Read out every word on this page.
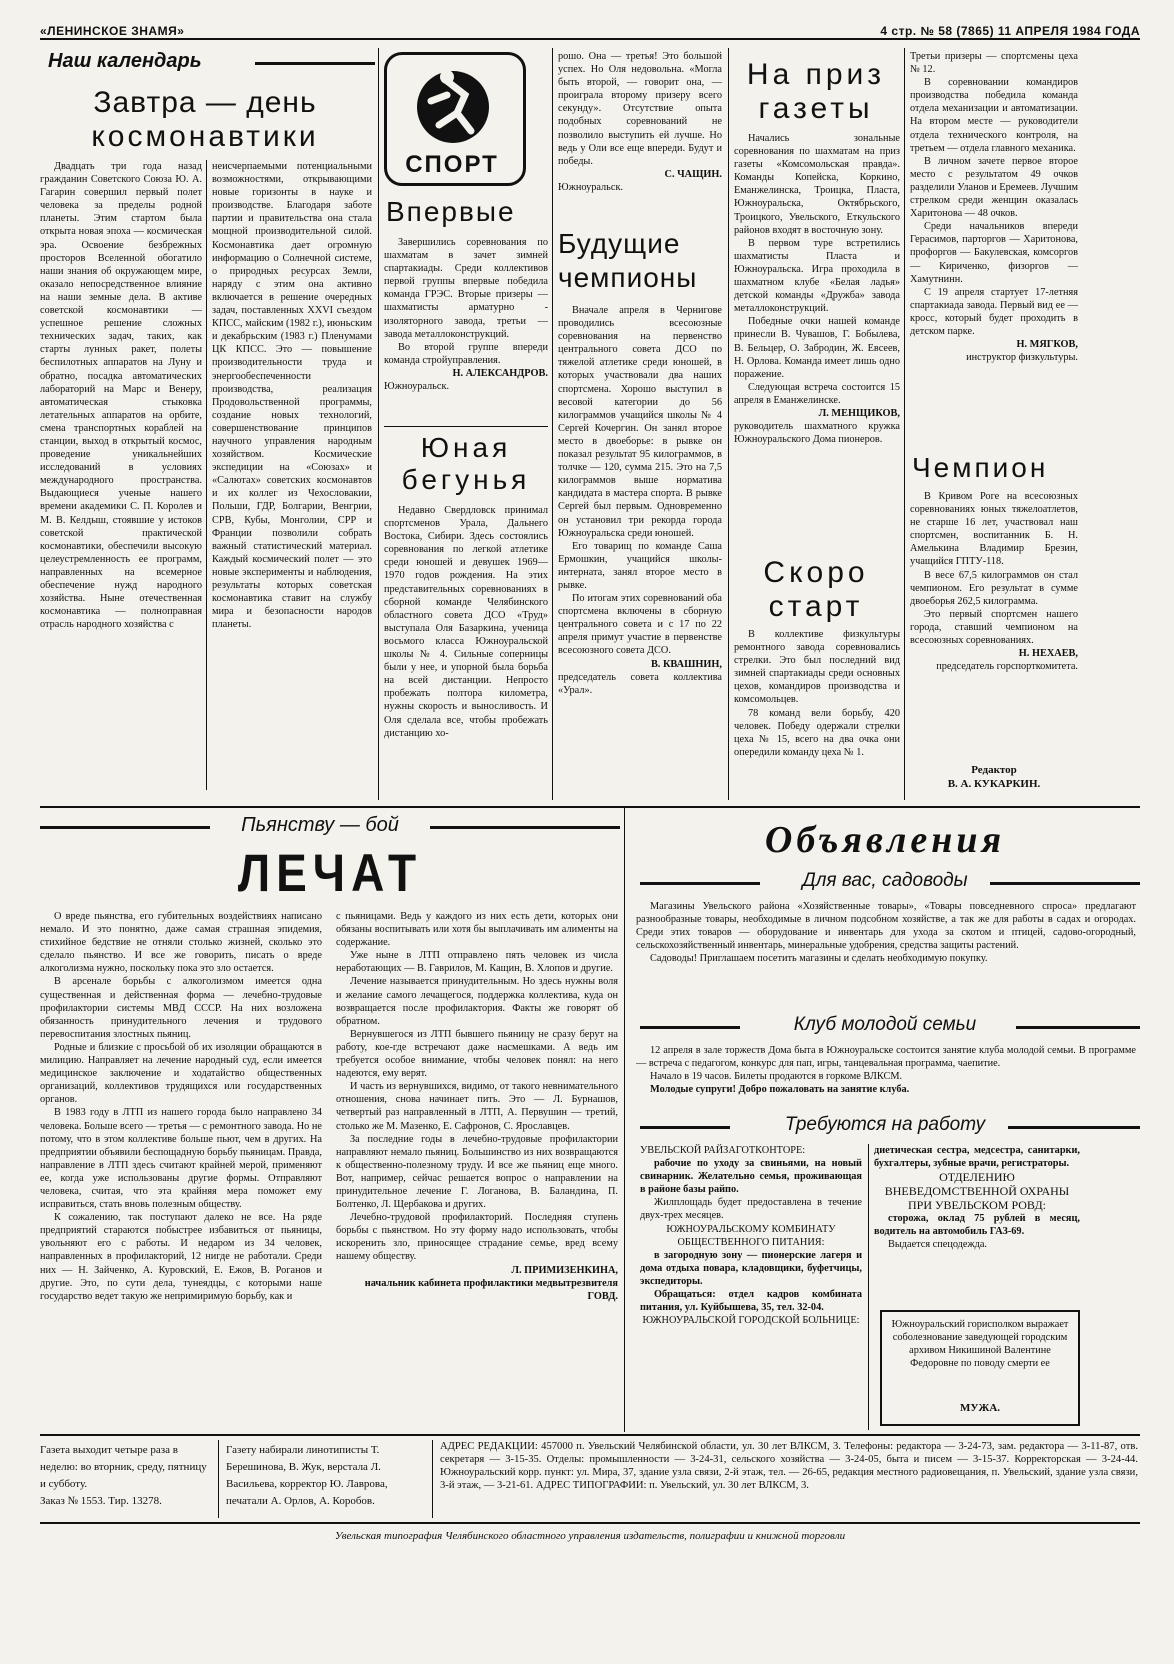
«ЛЕНИНСКОЕ ЗНАМЯ»	4 стр. № 58 (7865) 11 АПРЕЛЯ 1984 ГОДА
Наш календарь
Завтра — день
космонавтики

Двадцать три года назад гражданин Советского Союза Ю. А. Гагарин совершил первый полет человека за пределы родной планеты. Этим стартом была открыта новая эпоха — космическая эра. Освоение безбрежных просторов Вселенной обогатило наши знания об окружающем мире, оказало непосредственное влияние на наши земные дела. В активе советской космонавтики — успешное решение сложных технических задач, таких, как старты лунных ракет, полеты беспилотных аппаратов на Луну и обратно, посадка автоматических лабораторий на Марс и Венеру, автоматическая стыковка летательных аппаратов на орбите, смена транспортных кораблей на станции, выход в открытый космос, проведение уникальнейших исследований в условиях международного пространства. Выдающиеся ученые нашего времени академики С. П. Королев и М. В. Келдыш, стоявшие у истоков советской практической космонавтики, обеспечили высокую целеустремленность ее программ, направленных на всемерное обеспечение нужд народного хозяйства. Ныне отечественная космонавтика — полноправная отрасль народного хозяйства с

неисчерпаемыми потенциальными возможностями, открывающими новые горизонты в науке и производстве. Благодаря заботе партии и правительства она стала мощной производительной силой. Космонавтика дает огромную информацию о Солнечной системе, о природных ресурсах Земли, наряду с этим она активно включается в решение очередных задач, поставленных XXVI съездом КПСС, майским (1982 г.), июньским и декабрьским (1983 г.) Пленумами ЦК КПСС. Это — повышение производительности труда и энергообеспеченности производства, реализация Продовольственной программы, создание новых технологий, совершенствование принципов научного управления народным хозяйством. Космические экспедиции на «Союзах» и «Салютах» советских космонавтов и их коллег из Чехословакии, Польши, ГДР, Болгарии, Венгрии, СРВ, Кубы, Монголии, СРР и Франции позволили собрать важный статистический материал. Каждый космический полет — это новые эксперименты и наблюдения, результаты которых советская космонавтика ставит на службу мира и безопасности народов планеты.

СПОРТ
Впервые

Завершились соревнования по шахматам в зачет зимней спартакиады. Среди коллективов первой группы впервые победила команда ГРЭС. Вторые призеры — шахматисты арматурно - изоляторного завода, третьи — завода металлоконструкций.

Во второй группе впереди команда стройуправления.

Н. АЛЕКСАНДРОВ.

Южноуральск.

Юная
бегунья

Недавно Свердловск принимал спортсменов Урала, Дальнего Востока, Сибири. Здесь состоялись соревнования по легкой атлетике среди юношей и девушек 1969—1970 годов рождения. На этих представительных соревнованиях в сборной команде Челябинского областного совета ДСО «Труд» выступала Оля Базаркина, ученица восьмого класса Южноуральской школы № 4. Сильные соперницы были у нее, и упорной была борьба на всей дистанции. Непросто пробежать полтора километра, нужны скорость и выносливость. И Оля сделала все, чтобы пробежать дистанцию хо-

рошо. Она — третья! Это большой успех. Но Оля недовольна. «Могла быть второй, — говорит она, — проиграла второму призеру всего секунду». Отсутствие опыта подобных соревнований не позволило выступить ей лучше. Но ведь у Оли все еще впереди. Будут и победы.

С. ЧАЩИН.

Южноуральск.

Будущие
чемпионы

Вначале апреля в Чернигове проводились всесоюзные соревнования на первенство центрального совета ДСО по тяжелой атлетике среди юношей, в которых участвовали два наших спортсмена. Хорошо выступил в весовой категории до 56 килограммов учащийся школы № 4 Сергей Кочергин. Он занял второе место в двоеборье: в рывке он показал результат 95 килограммов, в толчке — 120, сумма 215. Это на 7,5 килограммов выше норматива кандидата в мастера спорта. В рывке Сергей был первым. Одновременно он установил три рекорда города Южноуральска среди юношей.

Его товарищ по команде Саша Ермошкин, учащийся школы-интерната, занял второе место в рывке.

По итогам этих соревнований оба спортсмена включены в сборную центрального совета и с 17 по 22 апреля примут участие в первенстве всесоюзного совета ДСО.

В. КВАШНИН,

председатель совета коллектива «Урал».

На приз
газеты

Начались зональные соревнования по шахматам на приз газеты «Комсомольская правда». Команды Копейска, Коркино, Еманжелинска, Троицка, Пласта, Южноуральска, Октябрьского, Троицкого, Увельского, Еткульского районов входят в восточную зону.

В первом туре встретились шахматисты Пласта и Южноуральска. Игра проходила в шахматном клубе «Белая ладья» детской команды «Дружба» завода металлоконструкций.

Победные очки нашей команде принесли В. Чувашов, Г. Бобылева, В. Бельцер, О. Забродин, Ж. Евсеев, Н. Орлова. Команда имеет лишь одно поражение.

Следующая встреча состоится 15 апреля в Еманжелинске.

Л. МЕНЩИКОВ,

руководитель шахматного кружка Южноуральского Дома пионеров.

Скоро
старт

В коллективе физкультуры ремонтного завода соревновались стрелки. Это был последний вид зимней спартакиады среди основных цехов, командиров производства и комсомольцев.

78 команд вели борьбу, 420 человек. Победу одержали стрелки цеха № 15, всего на два очка они опередили команду цеха № 1.

Третьи призеры — спортсмены цеха № 12.

В соревновании командиров производства победила команда отдела механизации и автоматизации. На втором месте — руководители отдела технического контроля, на третьем — отдела главного механика.

В личном зачете первое второе место с результатом 49 очков разделили Уланов и Еремеев. Лучшим стрелком среди женщин оказалась Харитонова — 48 очков.

Среди начальников впереди Герасимов, парторгов — Харитонова, профоргов — Бакулевская, комсоргов — Кириченко, физоргов — Хамутнинн.

С 19 апреля стартует 17-летняя спартакиада завода. Первый вид ее — кросс, который будет проходить в детском парке.

Н. МЯГКОВ,

инструктор физкультуры.

Чемпион

В Кривом Роге на всесоюзных соревнованиях юных тяжелоатлетов, не старше 16 лет, участвовал наш спортсмен, воспитанник Б. Н. Амелькина Владимир Брезин, учащийся ГПТУ-118.

В весе 67,5 килограммов он стал чемпионом. Его результат в сумме двоеборья 262,5 килограмма.

Это первый спортсмен нашего города, ставший чемпионом на всесоюзных соревнованиях.

Н. НЕХАЕВ,

председатель горспорткомитета.

Редактор
В. А. КУКАРКИН.
Пьянству — бой
ЛЕЧАТ

О вреде пьянства, его губительных воздействиях написано немало. И это понятно, даже самая страшная эпидемия, стихийное бедствие не отняли столько жизней, сколько это сделало пьянство. И все же говорить, писать о вреде алкоголизма нужно, поскольку пока это зло остается.

В арсенале борьбы с алкоголизмом имеется одна существенная и действенная форма — лечебно-трудовые профилактории системы МВД СССР. На них возложена обязанность принудительного лечения и трудового перевоспитания злостных пьяниц.

Родные и близкие с просьбой об их изоляции обращаются в милицию. Направляет на лечение народный суд, если имеется медицинское заключение и ходатайство общественных организаций, коллективов трудящихся или государственных органов.

В 1983 году в ЛТП из нашего города было направлено 34 человека. Больше всего — третья — с ремонтного завода. Но не потому, что в этом коллективе больше пьют, чем в других. На предприятии объявили беспощадную борьбу пьяницам. Правда, направление в ЛТП здесь считают крайней мерой, применяют ее, когда уже использованы другие формы. Отправляют человека, считая, что эта крайняя мера поможет ему исправиться, стать вновь полезным обществу.

К сожалению, так поступают далеко не все. На ряде предприятий стараются побыстрее избавиться от пьяницы, увольняют его с работы. И недаром из 34 человек, направленных в профилакторий, 12 нигде не работали. Среди них — Н. Зайченко, А. Куровский, Е. Ежов, В. Роганов и другие. Это, по сути дела, тунеядцы, с которыми наше государство ведет такую же непримиримую борьбу, как и

с пьяницами. Ведь у каждого из них есть дети, которых они обязаны воспитывать или хотя бы выплачивать им алименты на содержание.

Уже ныне в ЛТП отправлено пять человек из числа неработающих — В. Гаврилов, М. Кащин, В. Хлопов и другие.

Лечение называется принудительным. Но здесь нужны воля и желание самого лечащегося, поддержка коллектива, куда он возвращается после профилактория. Факты же говорят об обратном.

Вернувшегося из ЛТП бывшего пьяницу не сразу берут на работу, кое-где встречают даже насмешками. А ведь им требуется особое внимание, чтобы человек понял: на него надеются, ему верят.

И часть из вернувшихся, видимо, от такого невнимательного отношения, снова начинает пить. Это — Л. Бурнашов, четвертый раз направленный в ЛТП, А. Первушин — третий, столько же М. Мазенко, Е. Сафронов, С. Ярославцев.

За последние годы в лечебно-трудовые профилактории направляют немало пьяниц. Большинство из них возвращаются к общественно-полезному труду. И все же пьяниц еще много. Вот, например, сейчас решается вопрос о направлении на принудительное лечение Г. Логанова, В. Баландина, П. Болтенко, Л. Щербакова и других.

Лечебно-трудовой профилакторий. Последняя ступень борьбы с пьянством. Но эту форму надо использовать, чтобы искоренить зло, приносящее страдание семье, вред всему нашему обществу.

Л. ПРИМИЗЕНКИНА,

начальник кабинета профилактики медвытрезвителя ГОВД.

Объявления
Для вас, садоводы

Магазины Увельского района «Хозяйственные товары», «Товары повседневного спроса» предлагают разнообразные товары, необходимые в личном подсобном хозяйстве, а так же для работы в садах и огородах. Среди этих товаров — оборудование и инвентарь для ухода за скотом и птицей, садово-огородный, сельскохозяйственный инвентарь, минеральные удобрения, средства защиты растений.

Садоводы! Приглашаем посетить магазины и сделать необходимую покупку.

Клуб молодой семьи

12 апреля в зале торжеств Дома быта в Южноуральске состоится занятие клуба молодой семьи. В программе — встреча с педагогом, конкурс для пап, игры, танцевальная программа, чаепитие.

Начало в 19 часов. Билеты продаются в горкоме ВЛКСМ.

Молодые супруги! Добро пожаловать на занятие клуба.

Требуются на работу

УВЕЛЬСКОЙ РАЙЗАГОТКОНТОРЕ:

рабочие по уходу за свиньями, на новый свинарник. Желательно семья, проживающая в районе базы райпо.

Жилплощадь будет предоставлена в течение двух-трех месяцев.

ЮЖНОУРАЛЬСКОМУ КОМБИНАТУ ОБЩЕСТВЕННОГО ПИТАНИЯ:

в загородную зону — пионерские лагеря и дома отдыха повара, кладовщики, буфетчицы, экспедиторы.

Обращаться: отдел кадров комбината питания, ул. Куйбышева, 35, тел. 32-04.

ЮЖНОУРАЛЬСКОЙ ГОРОДСКОЙ БОЛЬНИЦЕ:

диетическая сестра, медсестра, санитарки, бухгалтеры, зубные врачи, регистраторы.

ОТДЕЛЕНИЮ ВНЕВЕДОМСТВЕННОЙ ОХРАНЫ ПРИ УВЕЛЬСКОМ РОВД:

сторожа, оклад 75 рублей в месяц, водитель на автомобиль ГАЗ-69.

Выдается спецодежда.

Южноуральский горисполком выражает соболезнование заведующей городским архивом Никишиной Валентине Федоровне по поводу смерти ее
МУЖА.
Газета выходит четыре раза в неделю: во вторник, среду, пятницу и субботу.
Заказ № 1553. Тир. 13278.
Газету набирали линотиписты Т. Берешинова, В. Жук, верстала Л. Васильева, корректор Ю. Лаврова, печатали А. Орлов, А. Коробов.
АДРЕС РЕДАКЦИИ: 457000 п. Увельский Челябинской области, ул. 30 лет ВЛКСМ, 3. Телефоны: редактора — 3-24-73, зам. редактора — 3-11-87, отв. секретаря — 3-15-35. Отделы: промышленности — 3-24-31, сельского хозяйства — 3-24-05, быта и писем — 3-15-37. Корректорская — 3-24-44. Южноуральский корр. пункт: ул. Мира, 37, здание узла связи, 2-й этаж, тел. — 26-65, редакция местного радиовещания, п. Увельский, здание узла связи, 3-й этаж, — 3-21-61. АДРЕС ТИПОГРАФИИ: п. Увельский, ул. 30 лет ВЛКСМ, 3.
Увельская типография Челябинского областного управления издательств, полиграфии и книжной торговли
